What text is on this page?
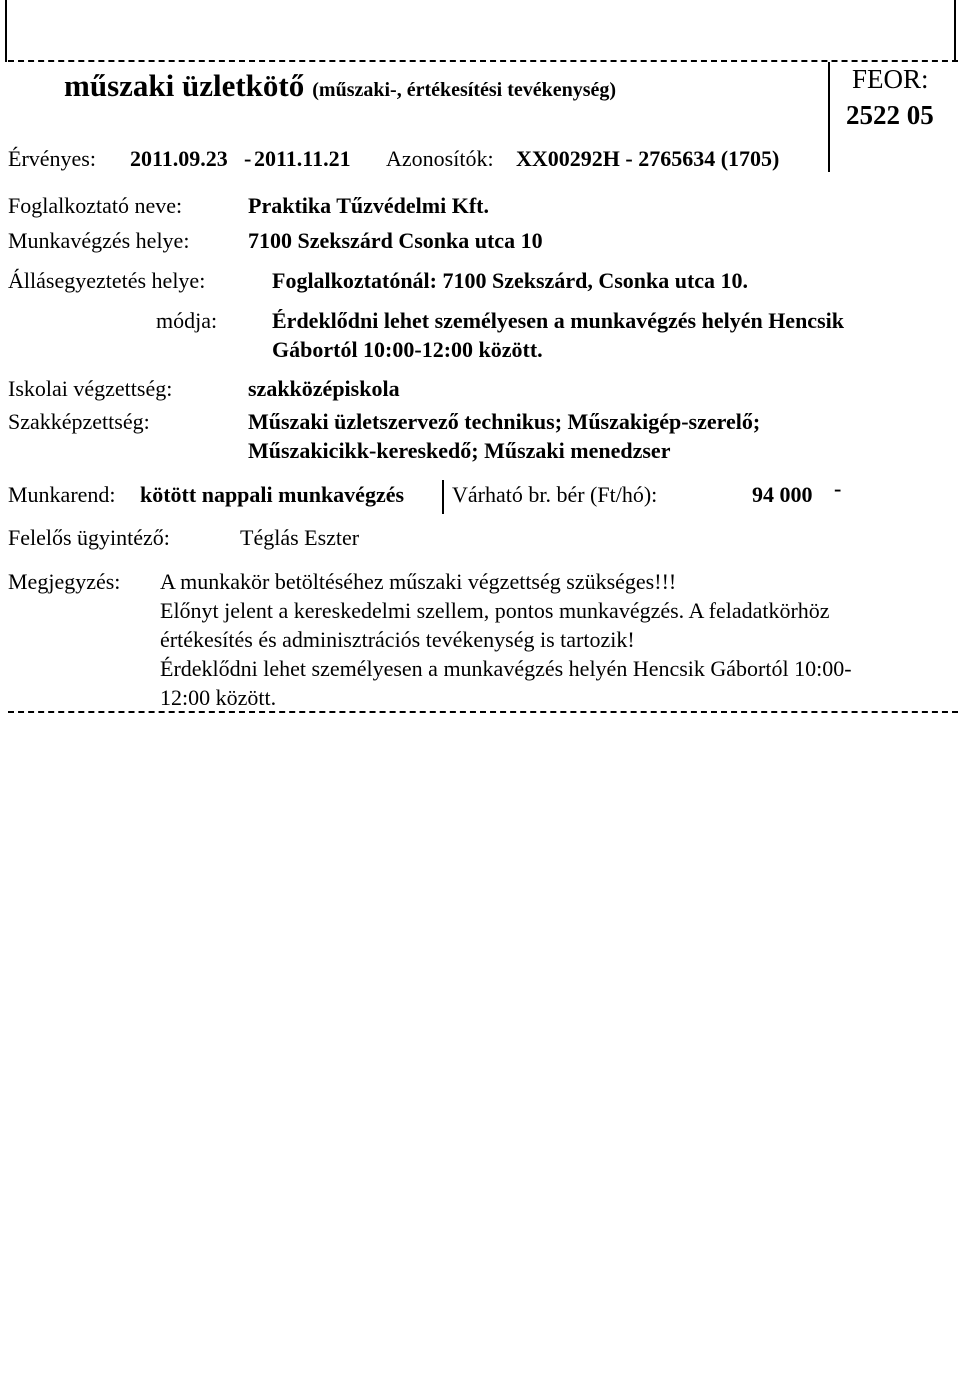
műszaki üzletkötő (műszaki-, értékesítési tevékenység)	FEOR:
2522 05
Érvényes: 2011.09.23 - 2011.11.21 Azonosítók: XX00292H - 2765634 (1705)
Foglalkoztató neve:	Praktika Tűzvédelmi Kft.
Munkavégzés helye:	7100 Szekszárd Csonka utca 10
Állásegyeztetés helye:	Foglalkoztatónál: 7100 Szekszárd, Csonka utca 10.
módja: Érdeklődni lehet személyesen a munkavégzés helyén Hencsik
Gábortól 10:00-12:00 között.
Iskolai végzettség:	szakközépiskola
Szakképzettség:	Műszaki üzletszervező technikus; Műszakigép-szerelő;
Műszakicikk-kereskedő; Műszaki menedzser
Munkarend: kötött nappali munkavégzés Várható br. bér (Ft/hó):	94 000 -
Felelős ügyintéző:	Téglás Eszter
Megjegyzés: A munkakör betöltéséhez műszaki végzettség szükséges!!!
Előnyt jelent a kereskedelmi szellem, pontos munkavégzés. A feladatkörhöz
értékesítés és adminisztrációs tevékenység is tartozik!
Érdeklődni lehet személyesen a munkavégzés helyén Hencsik Gábortól 10:00-
12:00 között.
